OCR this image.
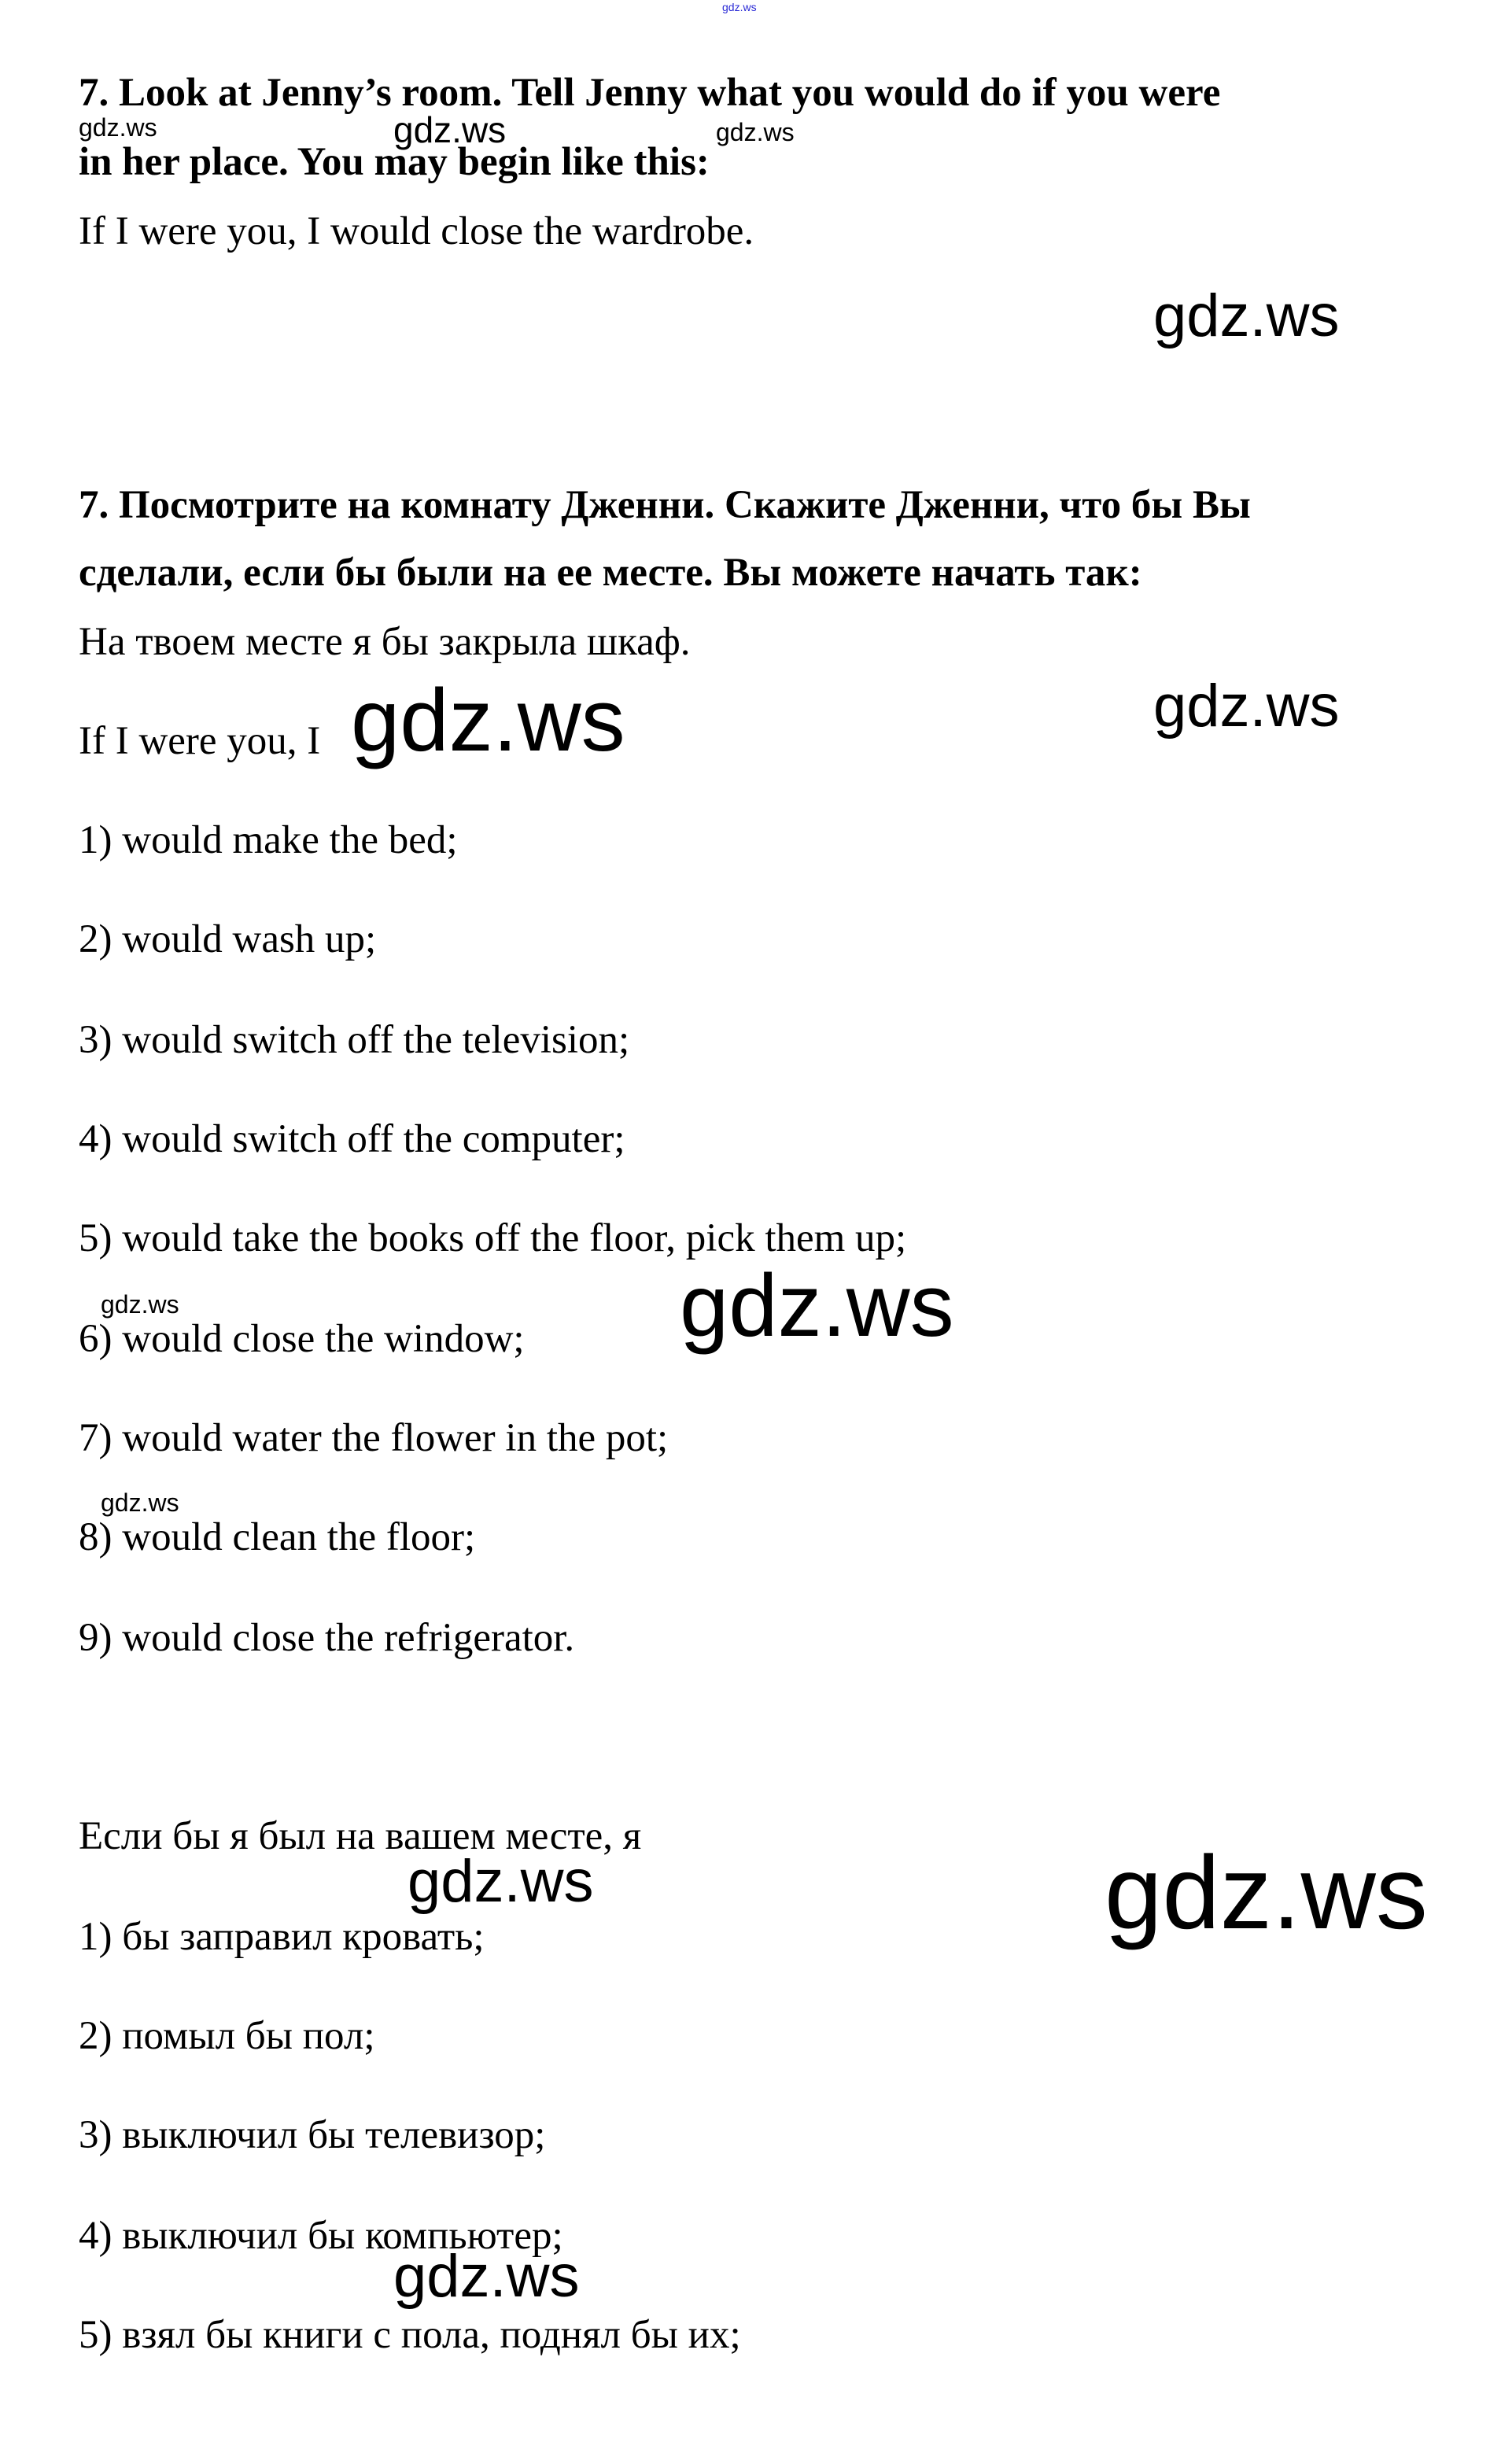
gdz.ws

7. Look at Jenny’s room. Tell Jenny what you would do if you were

in her place. You may begin like this:

If I were you, I would close the wardrobe.

gdz.ws	gdz.ws	gdz.ws
gdz.ws

7. Посмотрите на комнату Дженни. Скажите Дженни, что бы Вы

сделали, если бы были на ее месте. Вы можете начать так:

На твоем месте я бы закрыла шкаф.

gdz.ws

If I were you, I gdz.ws

1) would make the bed;

2) would wash up;

3) would switch off the television;

4) would switch off the computer;

5) would take the books off the floor, pick them up;

gdz.ws	gdz.ws

6) would close the window;

7) would water the flower in the pot;

gdz.ws

8) would clean the floor;

9) would close the refrigerator.

Если бы я был на вашем месте, я

gdz.ws	gdz.ws

1) бы заправил кровать;

2) помыл бы пол;

3) выключил бы телевизор;

4) выключил бы компьютер;

gdz.ws

5) взял бы книги с пола, поднял бы их;
